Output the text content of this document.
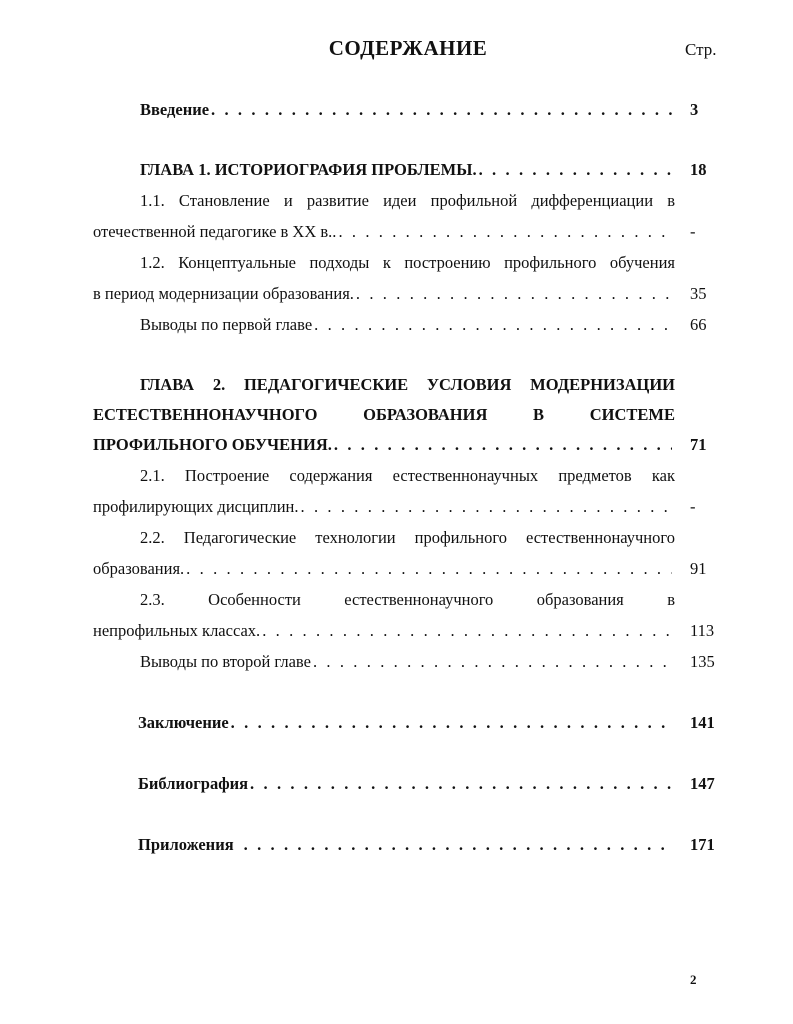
СОДЕРЖАНИЕ	Стр.
Введение . . .	3
ГЛАВА 1. ИСТОРИОГРАФИЯ ПРОБЛЕМЫ. . . .	18
1.1. Становление и развитие идеи профильной дифференциации в
отечественной педагогике в XX в.. . . .	-
1.2. Концептуальные подходы к построению профильного обучения
в период модернизации образования. . . .	35
Выводы по первой главе . . .	66
ГЛАВА 2. ПЕДАГОГИЧЕСКИЕ УСЛОВИЯ МОДЕРНИЗАЦИИ
ЕСТЕСТВЕННОНАУЧНОГО ОБРАЗОВАНИЯ В СИСТЕМЕ
ПРОФИЛЬНОГО ОБУЧЕНИЯ. . . .	71
2.1. Построение содержания естественнонаучных предметов как
профилирующих дисциплин. . . .	-
2.2. Педагогические технологии профильного естественнонаучного
образования. . . .	91
2.3. Особенности естественнонаучного образования в
непрофильных классах. . . .	113
Выводы по второй главе . . .	135
Заключение . . .	141
Библиография . . .	147
Приложения . . .	171
2
